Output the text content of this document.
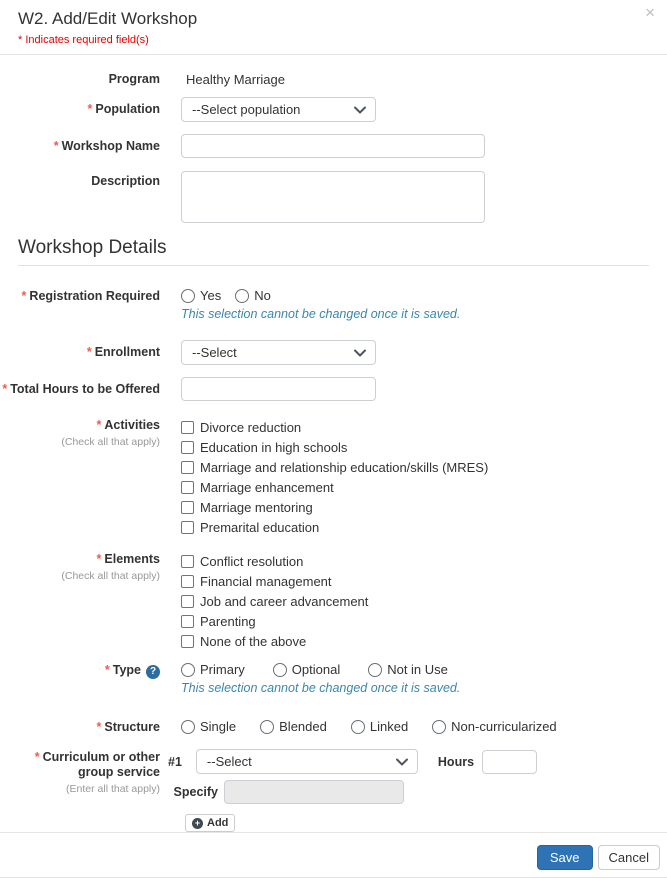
W2. Add/Edit Workshop
* Indicates required field(s)
×
Program	Healthy Marriage
* Population --Select population
* Workshop Name
Description
Workshop Details
* Registration Required	Yes	No
This selection cannot be changed once it is saved.
* Enrollment --Select
* Total Hours to be Offered
* Activities
(Check all that apply)
Divorce reduction
Education in high schools
Marriage and relationship education/skills (MRES)
Marriage enhancement
Marriage mentoring
Premarital education
* Elements
(Check all that apply)
Conflict resolution
Financial management
Job and career advancement
Parenting
None of the above
* Type ?	Primary	Optional	Not in Use
This selection cannot be changed once it is saved.
* Structure	Single	Blended	Linked	Non-curricularized
* Curriculum or other group service
(Enter all that apply)
#1 --Select	Hours
Specify
+ Add
Save	Cancel
